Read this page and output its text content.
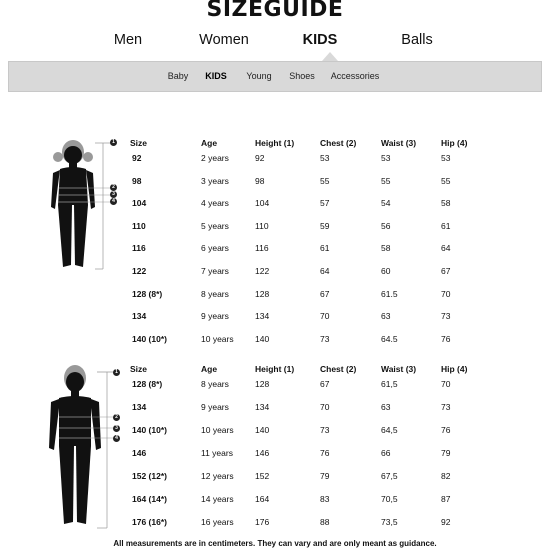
SIZEGUIDE
Men	Women	KIDS	Balls
Baby KIDS Young Shoes Accessories
1
2
3
4
1
2
3
4
Size	Age	Height (1)	Chest (2)	Waist (3)	Hip (4)
92	2 years	92	53	53	53
98	3 years	98	55	55	55
104	4 years	104	57	54	58
110	5 years	110	59	56	61
116	6 years	116	61	58	64
122	7 years	122	64	60	67
128 (8*)	8 years	128	67	61.5	70
134	9 years	134	70	63	73
140 (10*)	10 years	140	73	64.5	76
Size	Age	Height (1)	Chest (2)	Waist (3)	Hip (4)
128 (8*)	8 years	128	67	61,5	70
134	9 years	134	70	63	73
140 (10*)	10 years	140	73	64,5	76
146	11 years	146	76	66	79
152 (12*)	12 years	152	79	67,5	82
164 (14*)	14 years	164	83	70,5	87
176 (16*)	16 years	176	88	73,5	92
All measurements are in centimeters. They can vary and are only meant as guidance.
